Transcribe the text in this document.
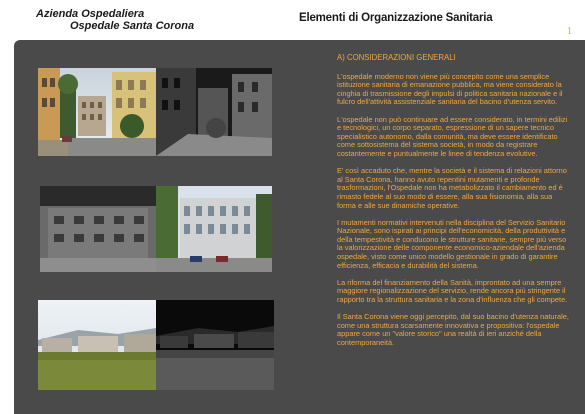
Azienda Ospedaliera
Ospedale Santa Corona
Elementi di Organizzazione Sanitaria
1
A) CONSIDERAZIONI GENERALI

L'ospedale moderno non viene più concepito come una semplice istituzione sanitaria di emanazione pubblica, ma viene considerato la cinghia di trasmissione degli impulsi di politica sanitaria nazionale e il fulcro dell'attività assistenziale sanitaria del bacino d'utenza servito.

L'ospedale non può continuare ad essere considerato, in termini edilizi e tecnologici, un corpo separato, espressione di un sapere tecnico specialistico autonomo, dalla comunità, ma deve essere identificato come sottosistema del sistema società, in modo da registrare costantemente e puntualmente le linee di tendenza evolutive.

E' così accaduto che, mentre la società e il sistema di relazioni attorno al Santa Corona, hanno avuto repentini mutamenti e profonde trasformazioni, l'Ospedale non ha metabolizzato il cambiamento ed è rimasto fedele al suo modo di essere, alla sua fisionomia, alla sua forma e alle sue dinamiche operative.

I mutamenti normativi intervenuti nella disciplina del Servizio Sanitario Nazionale, sono ispirati ai principi dell'economicità, della produttività e della tempestività e conducono le strutture sanitarie, sempre più verso la valorizzazione delle componente economico-aziendale dell'azienda ospedale, visto come unico modello gestionale in grado di garantire efficienza, efficacia e durabilità del sistema.

La riforma del finanziamento della Sanità, improntato ad una sempre maggiore regionalizzazione del servizio, rende ancora più stringente il rapporto tra la struttura sanitaria e la zona d'influenza che gli compete.

Il Santa Corona viene oggi percepito, dal suo bacino d'utenza naturale, come una struttura scarsamente innovativa e propositiva: l'ospedale appare come un "valore storico" una realtà di ieri anziché della contemporaneità.
